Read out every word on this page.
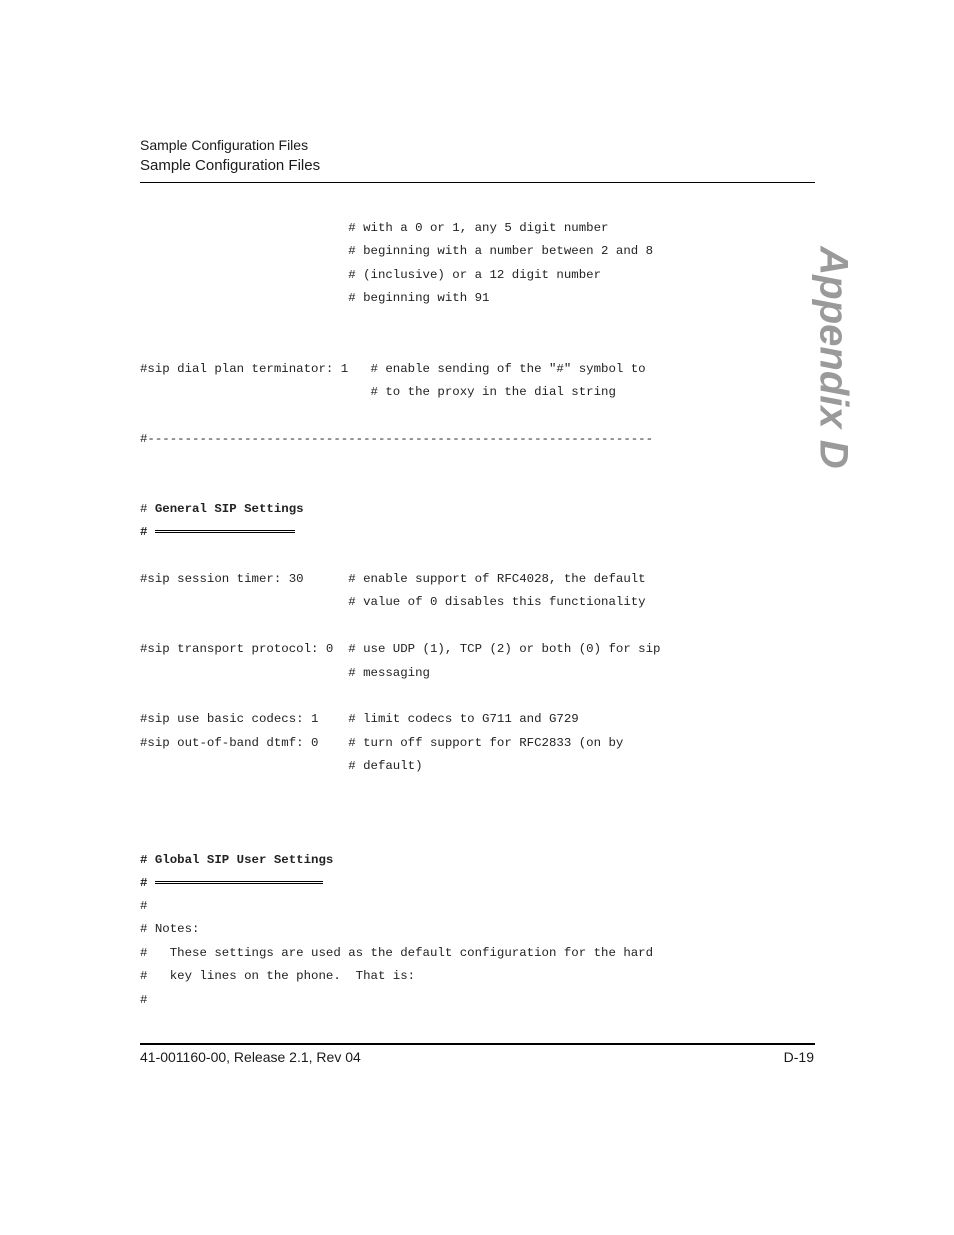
Sample Configuration Files
Sample Configuration Files
Appendix D
# with a 0 or 1, any 5 digit number
# beginning with a number between 2 and 8
# (inclusive) or a 12 digit number
# beginning with 91
#sip dial plan terminator: 1   # enable sending of the "#" symbol to
# to the proxy in the dial string

#--------------------------------------------------------------------
# General SIP Settings
#
#sip session timer: 30      # enable support of RFC4028, the default
# value of 0 disables this functionality

#sip transport protocol: 0  # use UDP (1), TCP (2) or both (0) for sip
# messaging

#sip use basic codecs: 1    # limit codecs to G711 and G729
#sip out-of-band dtmf: 0    # turn off support for RFC2833 (on by
# default)
# Global SIP User Settings
#
#
# Notes:
#   These settings are used as the default configuration for the hard
#   key lines on the phone.  That is:
#
41-001160-00, Release 2.1, Rev 04	D-19
